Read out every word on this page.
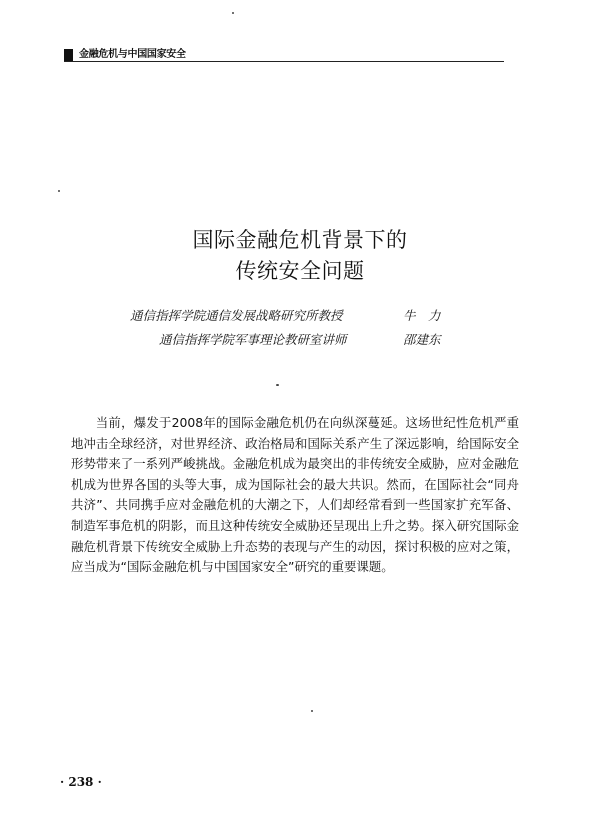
金融危机与中国国家安全
国际金融危机背景下的
传统安全问题
通信指挥学院通信发展战略研究所教授	牛　力
通信指挥学院军事理论教研室讲师	邵建东

当前，爆发于2008年的国际金融危机仍在向纵深蔓延。这场世纪性危机严重地冲击全球经济，对世界经济、政治格局和国际关系产生了深远影响，给国际安全形势带来了一系列严峻挑战。金融危机成为最突出的非传统安全威胁，应对金融危机成为世界各国的头等大事，成为国际社会的最大共识。然而，在国际社会“同舟共济”、共同携手应对金融危机的大潮之下，人们却经常看到一些国家扩充军备、制造军事危机的阴影，而且这种传统安全威胁还呈现出上升之势。探入研究国际金融危机背景下传统安全威胁上升态势的表现与产生的动因，探讨积极的应对之策，应当成为“国际金融危机与中国国家安全”研究的重要课题。

· 238 ·
